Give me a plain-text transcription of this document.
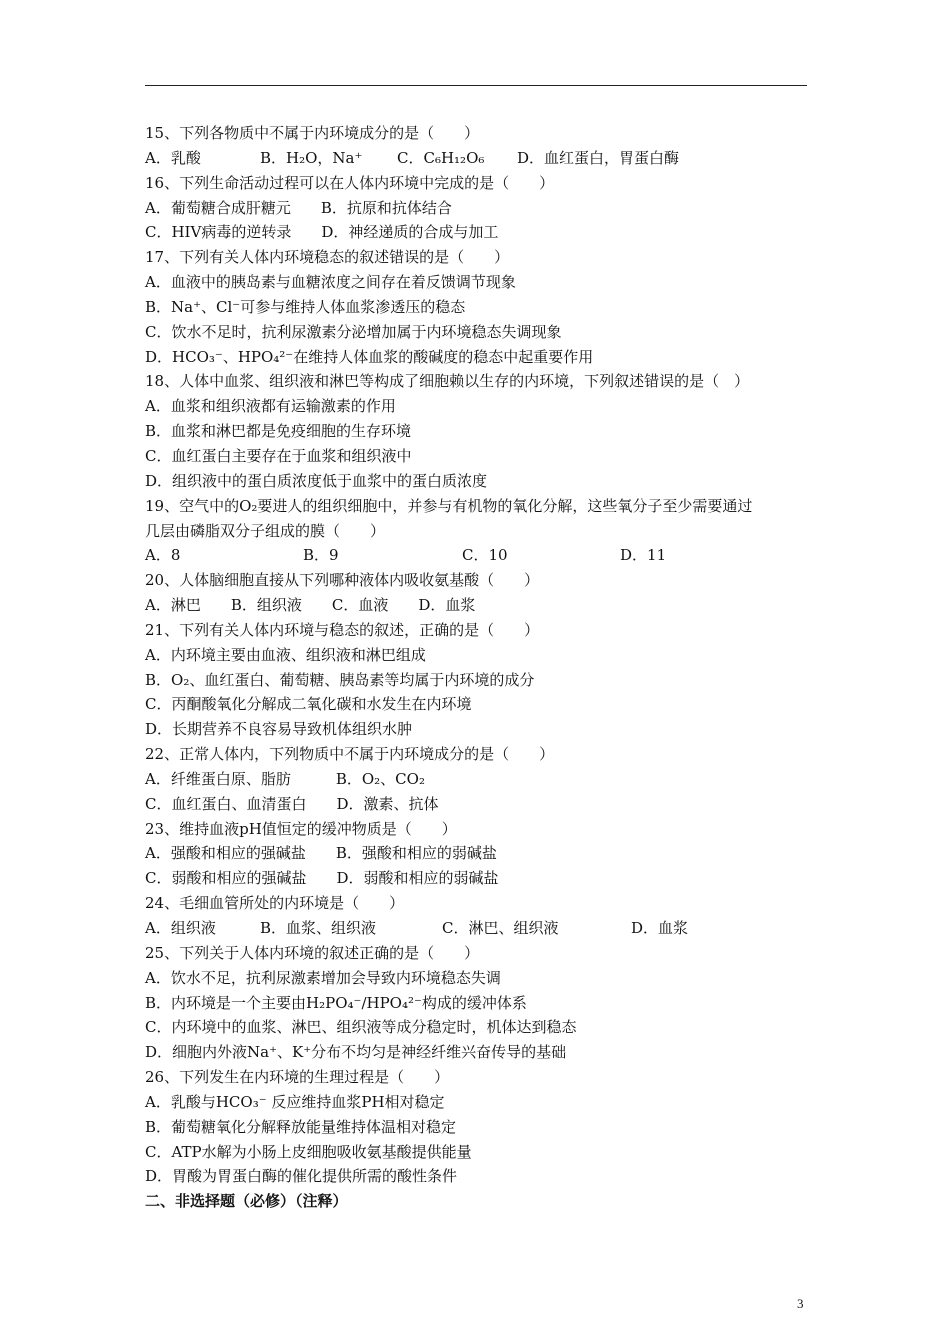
15、下列各物质中不属于内环境成分的是（　　）
A．乳酸	B．H₂O，Na⁺	C．C₆H₁₂O₆	D．血红蛋白，胃蛋白酶
16、下列生命活动过程可以在人体内环境中完成的是（　　）
A．葡萄糖合成肝糖元　　B．抗原和抗体结合
C．HIV病毒的逆转录　　D．神经递质的合成与加工
17、下列有关人体内环境稳态的叙述错误的是（　　）
A．血液中的胰岛素与血糖浓度之间存在着反馈调节现象
B．Na⁺、Cl⁻可参与维持人体血浆渗透压的稳态
C．饮水不足时，抗利尿激素分泌增加属于内环境稳态失调现象
D．HCO₃⁻、HPO₄²⁻在维持人体血浆的酸碱度的稳态中起重要作用
18、人体中血浆、组织液和淋巴等构成了细胞赖以生存的内环境，下列叙述错误的是（　）
A．血浆和组织液都有运输激素的作用
B．血浆和淋巴都是免疫细胞的生存环境
C．血红蛋白主要存在于血浆和组织液中
D．组织液中的蛋白质浓度低于血浆中的蛋白质浓度
19、空气中的O₂要进人的组织细胞中，并参与有机物的氧化分解，这些氧分子至少需要通过
几层由磷脂双分子组成的膜（　　）
A．8	B．9	C．10	D．11
20、人体脑细胞直接从下列哪种液体内吸收氨基酸（　　）
A．淋巴　　B．组织液　　C．血液　　D．血浆
21、下列有关人体内环境与稳态的叙述，正确的是（　　）
A．内环境主要由血液、组织液和淋巴组成
B．O₂、血红蛋白、葡萄糖、胰岛素等均属于内环境的成分
C．丙酮酸氧化分解成二氧化碳和水发生在内环境
D．长期营养不良容易导致机体组织水肿
22、正常人体内，下列物质中不属于内环境成分的是（　　）
A．纤维蛋白原、脂肪　　　B．O₂、CO₂
C．血红蛋白、血清蛋白　　D．激素、抗体
23、维持血液pH值恒定的缓冲物质是（　　）
A．强酸和相应的强碱盐　　B．强酸和相应的弱碱盐
C．弱酸和相应的强碱盐　　D．弱酸和相应的弱碱盐
24、毛细血管所处的内环境是（　　）
A．组织液	B．血浆、组织液	C．淋巴、组织液	D．血浆
25、下列关于人体内环境的叙述正确的是（　　）
A．饮水不足，抗利尿激素增加会导致内环境稳态失调
B．内环境是一个主要由H₂PO₄⁻/HPO₄²⁻构成的缓冲体系
C．内环境中的血浆、淋巴、组织液等成分稳定时，机体达到稳态
D．细胞内外液Na⁺、K⁺分布不均匀是神经纤维兴奋传导的基础
26、下列发生在内环境的生理过程是（　　）
A．乳酸与HCO₃⁻ 反应维持血浆PH相对稳定
B．葡萄糖氧化分解释放能量维持体温相对稳定
C．ATP水解为小肠上皮细胞吸收氨基酸提供能量
D．胃酸为胃蛋白酶的催化提供所需的酸性条件
二、非选择题（必修）（注释）
3
